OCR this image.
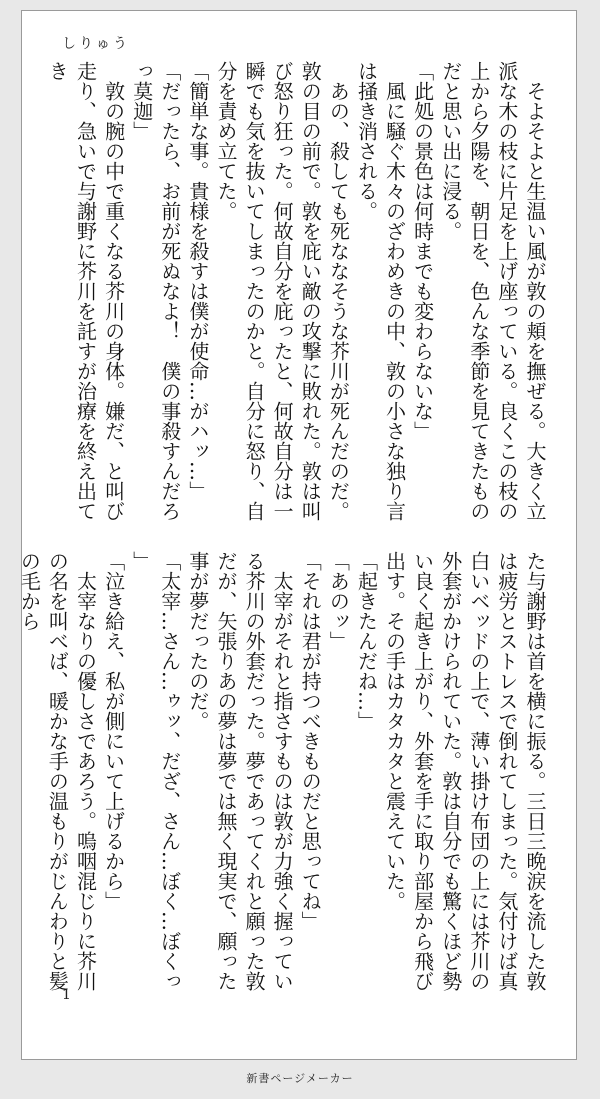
しりゅう

　そよそよと生温い風が敦の頬を撫ぜる。大きく立派な木の枝に片足を上げ座っている。良くこの枝の上から夕陽を、朝日を、色んな季節を見てきたものだと思い出に浸る。

「此処の景色は何時までも変わらないな」

　風に騒ぐ木々のざわめきの中、敦の小さな独り言は掻き消される。

　あの、殺しても死ななそうな芥川が死んだのだ。敦の目の前で。敦を庇い敵の攻撃に敗れた。敦は叫び怒り狂った。何故自分を庇ったと、何故自分は一瞬でも気を抜いてしまったのかと。自分に怒り、自分を責め立てた。

「簡単な事。貴様を殺すは僕が使命…がハッ…」

「だったら、お前が死ぬなよ！　僕の事殺すんだろっ莫迦」

　敦の腕の中で重くなる芥川の身体。嫌だ、と叫び走り、急いで与謝野に芥川を託すが治療を終え出てき

た与謝野は首を横に振る。三日三晩涙を流した敦は疲労とストレスで倒れてしまった。気付けば真白いベッドの上で、薄い掛け布団の上には芥川の外套がかけられていた。敦は自分でも驚くほど勢い良く起き上がり、外套を手に取り部屋から飛び出す。その手はカタカタと震えていた。

「起きたんだね…」

「あのッ」

「それは君が持つべきものだと思ってね」

　太宰がそれと指さすものは敦が力強く握っている芥川の外套だった。夢であってくれと願った敦だが、矢張りあの夢は夢では無く現実で、願った事が夢だったのだ。

「太宰…さん…ゥッ、だざ、さん…ぼく…ぼくっ」

「泣き給え、私が側にいて上げるから」

　太宰なりの優しさであろう。嗚咽混じりに芥川の名を叫べば、暖かな手の温もりがじんわりと髪の毛から

1
新書ページメーカー
